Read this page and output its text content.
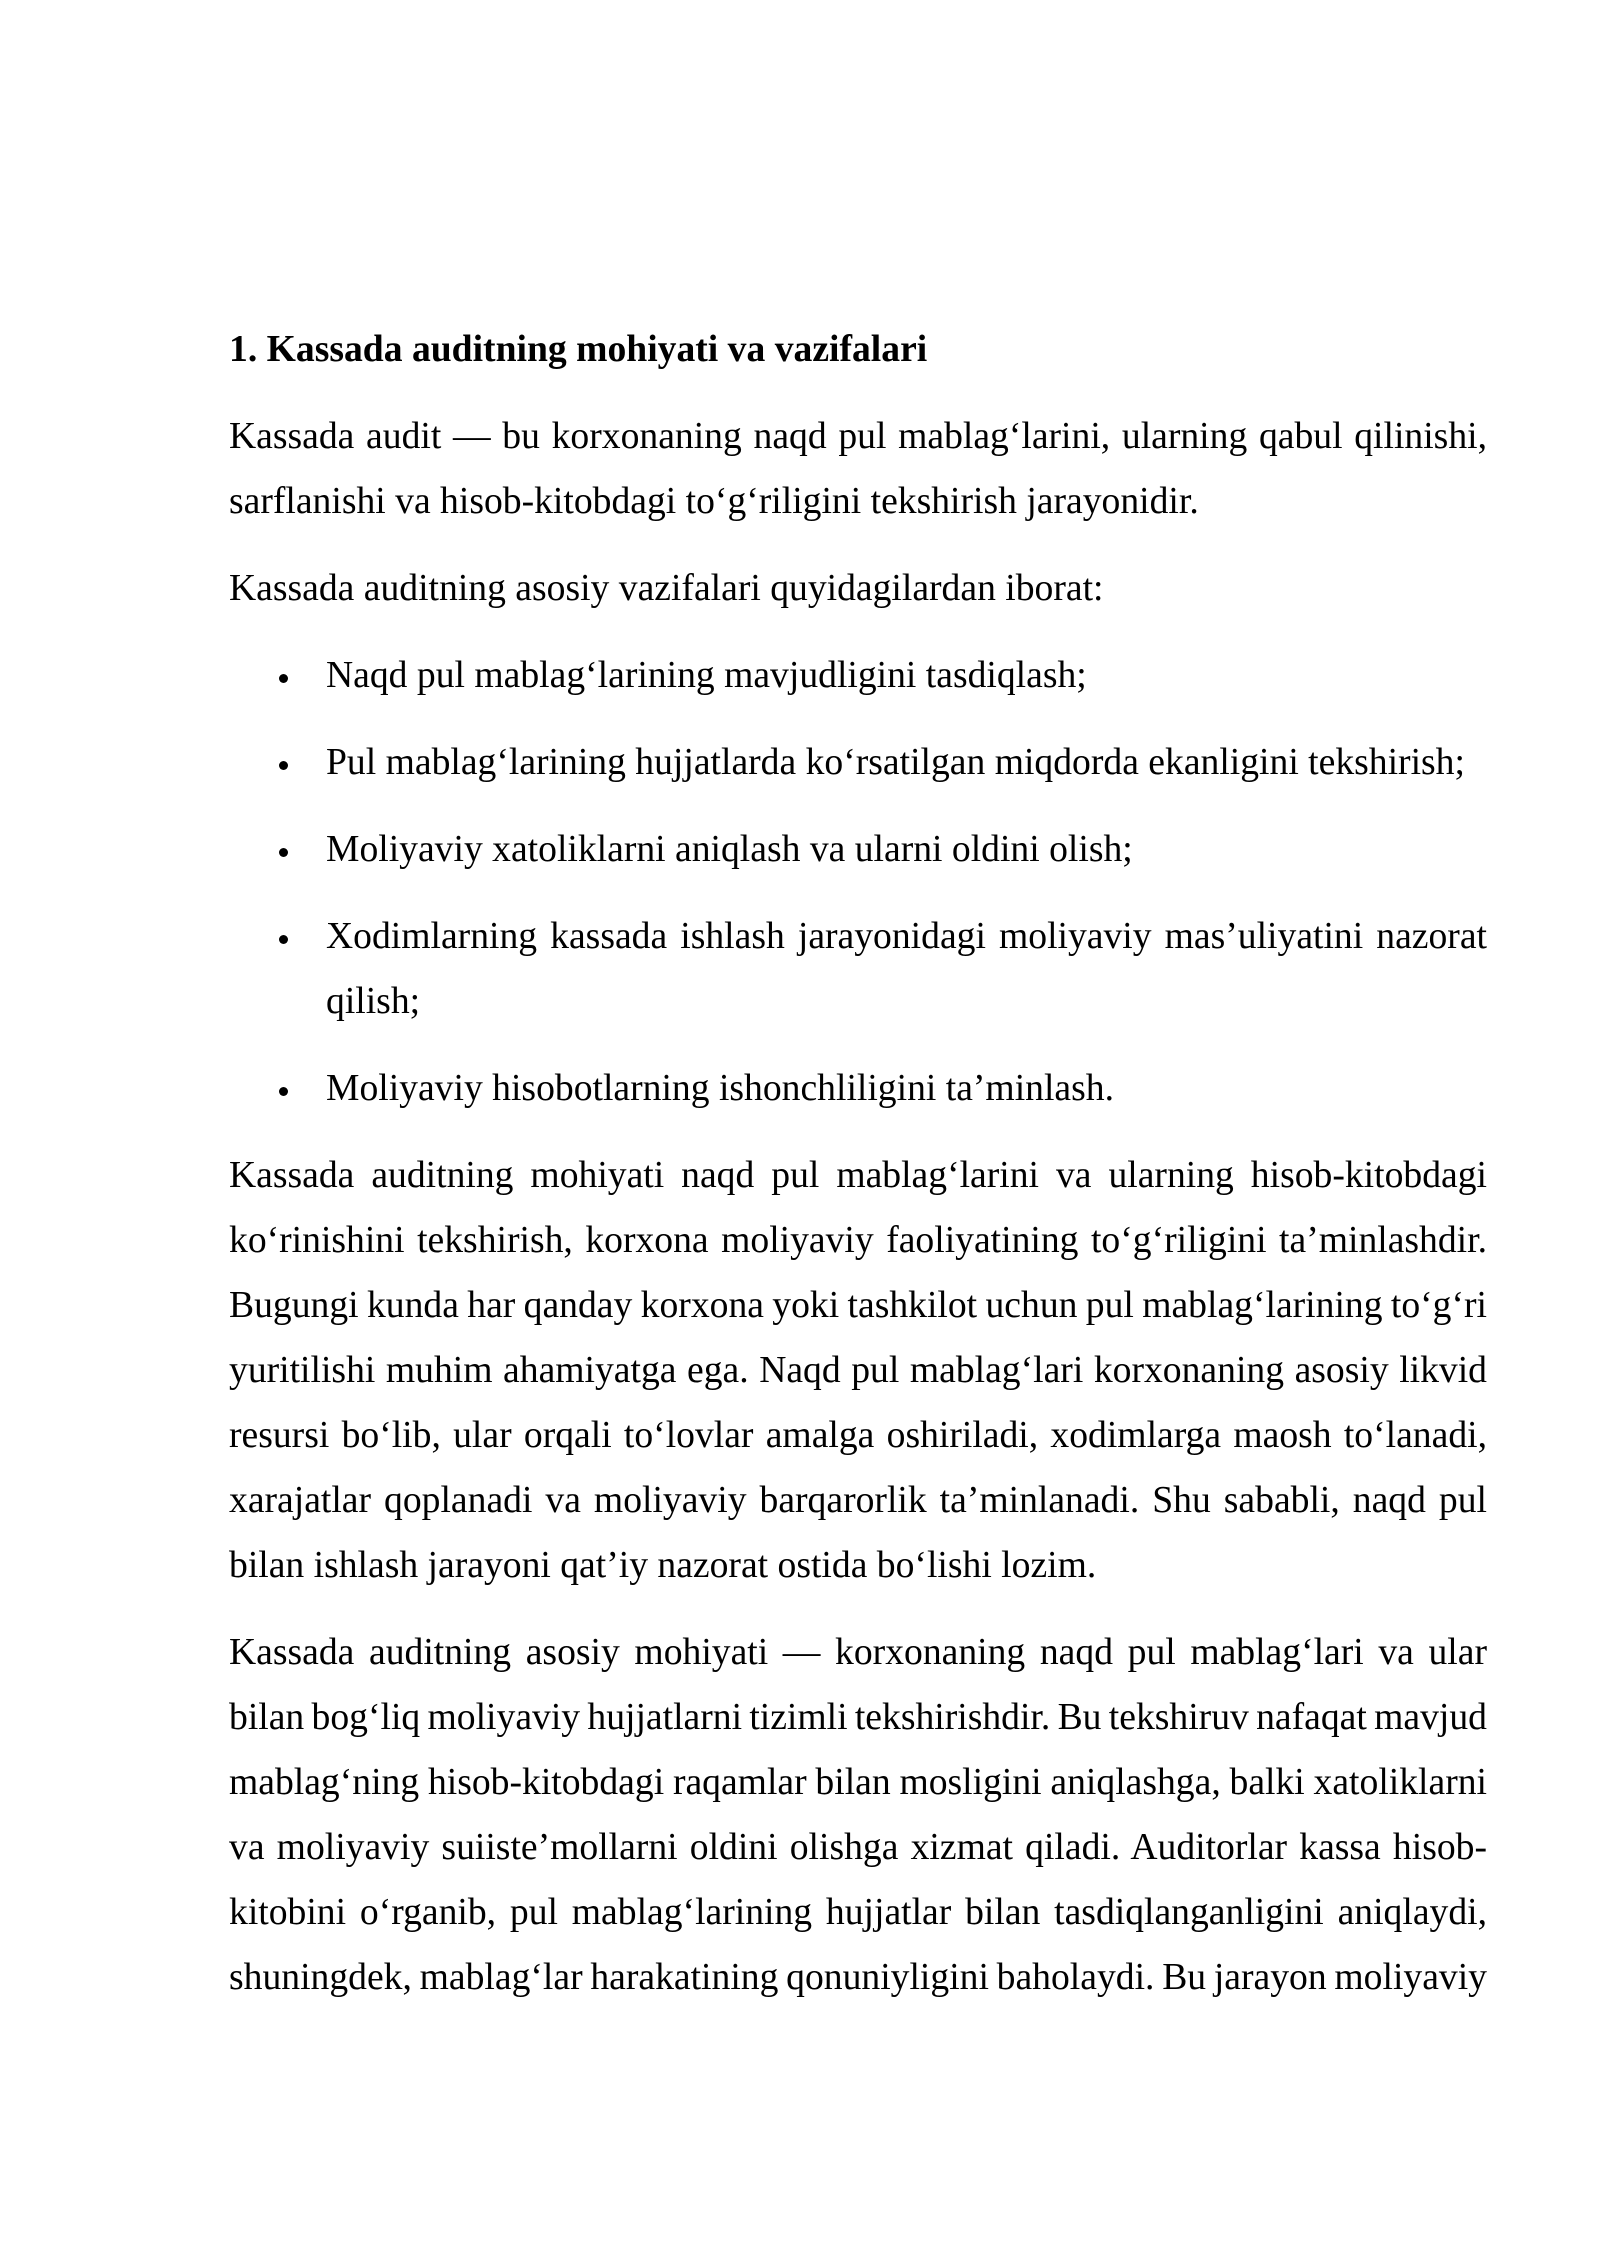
1. Kassada auditning mohiyati va vazifalari
Kassada audit — bu korxonaning naqd pul mablag‘larini, ularning qabul qilinishi,
sarflanishi va hisob-kitobdagi to‘g‘riligini tekshirish jarayonidir.
Kassada auditning asosiy vazifalari quyidagilardan iborat:
Naqd pul mablag‘larining mavjudligini tasdiqlash;
Pul mablag‘larining hujjatlarda ko‘rsatilgan miqdorda ekanligini tekshirish;
Moliyaviy xatoliklarni aniqlash va ularni oldini olish;
Xodimlarning kassada ishlash jarayonidagi moliyaviy mas’uliyatini nazorat
qilish;
Moliyaviy hisobotlarning ishonchliligini ta’minlash.
Kassada auditning mohiyati naqd pul mablag‘larini va ularning hisob-kitobdagi
ko‘rinishini tekshirish, korxona moliyaviy faoliyatining to‘g‘riligini ta’minlashdir.
Bugungi kunda har qanday korxona yoki tashkilot uchun pul mablag‘larining to‘g‘ri
yuritilishi muhim ahamiyatga ega. Naqd pul mablag‘lari korxonaning asosiy likvid
resursi bo‘lib, ular orqali to‘lovlar amalga oshiriladi, xodimlarga maosh to‘lanadi,
xarajatlar qoplanadi va moliyaviy barqarorlik ta’minlanadi. Shu sababli, naqd pul
bilan ishlash jarayoni qat’iy nazorat ostida bo‘lishi lozim.
Kassada auditning asosiy mohiyati — korxonaning naqd pul mablag‘lari va ular
bilan bog‘liq moliyaviy hujjatlarni tizimli tekshirishdir. Bu tekshiruv nafaqat mavjud
mablag‘ning hisob-kitobdagi raqamlar bilan mosligini aniqlashga, balki xatoliklarni
va moliyaviy suiiste’mollarni oldini olishga xizmat qiladi. Auditorlar kassa hisob-
kitobini o‘rganib, pul mablag‘larining hujjatlar bilan tasdiqlanganligini aniqlaydi,
shuningdek, mablag‘lar harakatining qonuniyligini baholaydi. Bu jarayon moliyaviy
